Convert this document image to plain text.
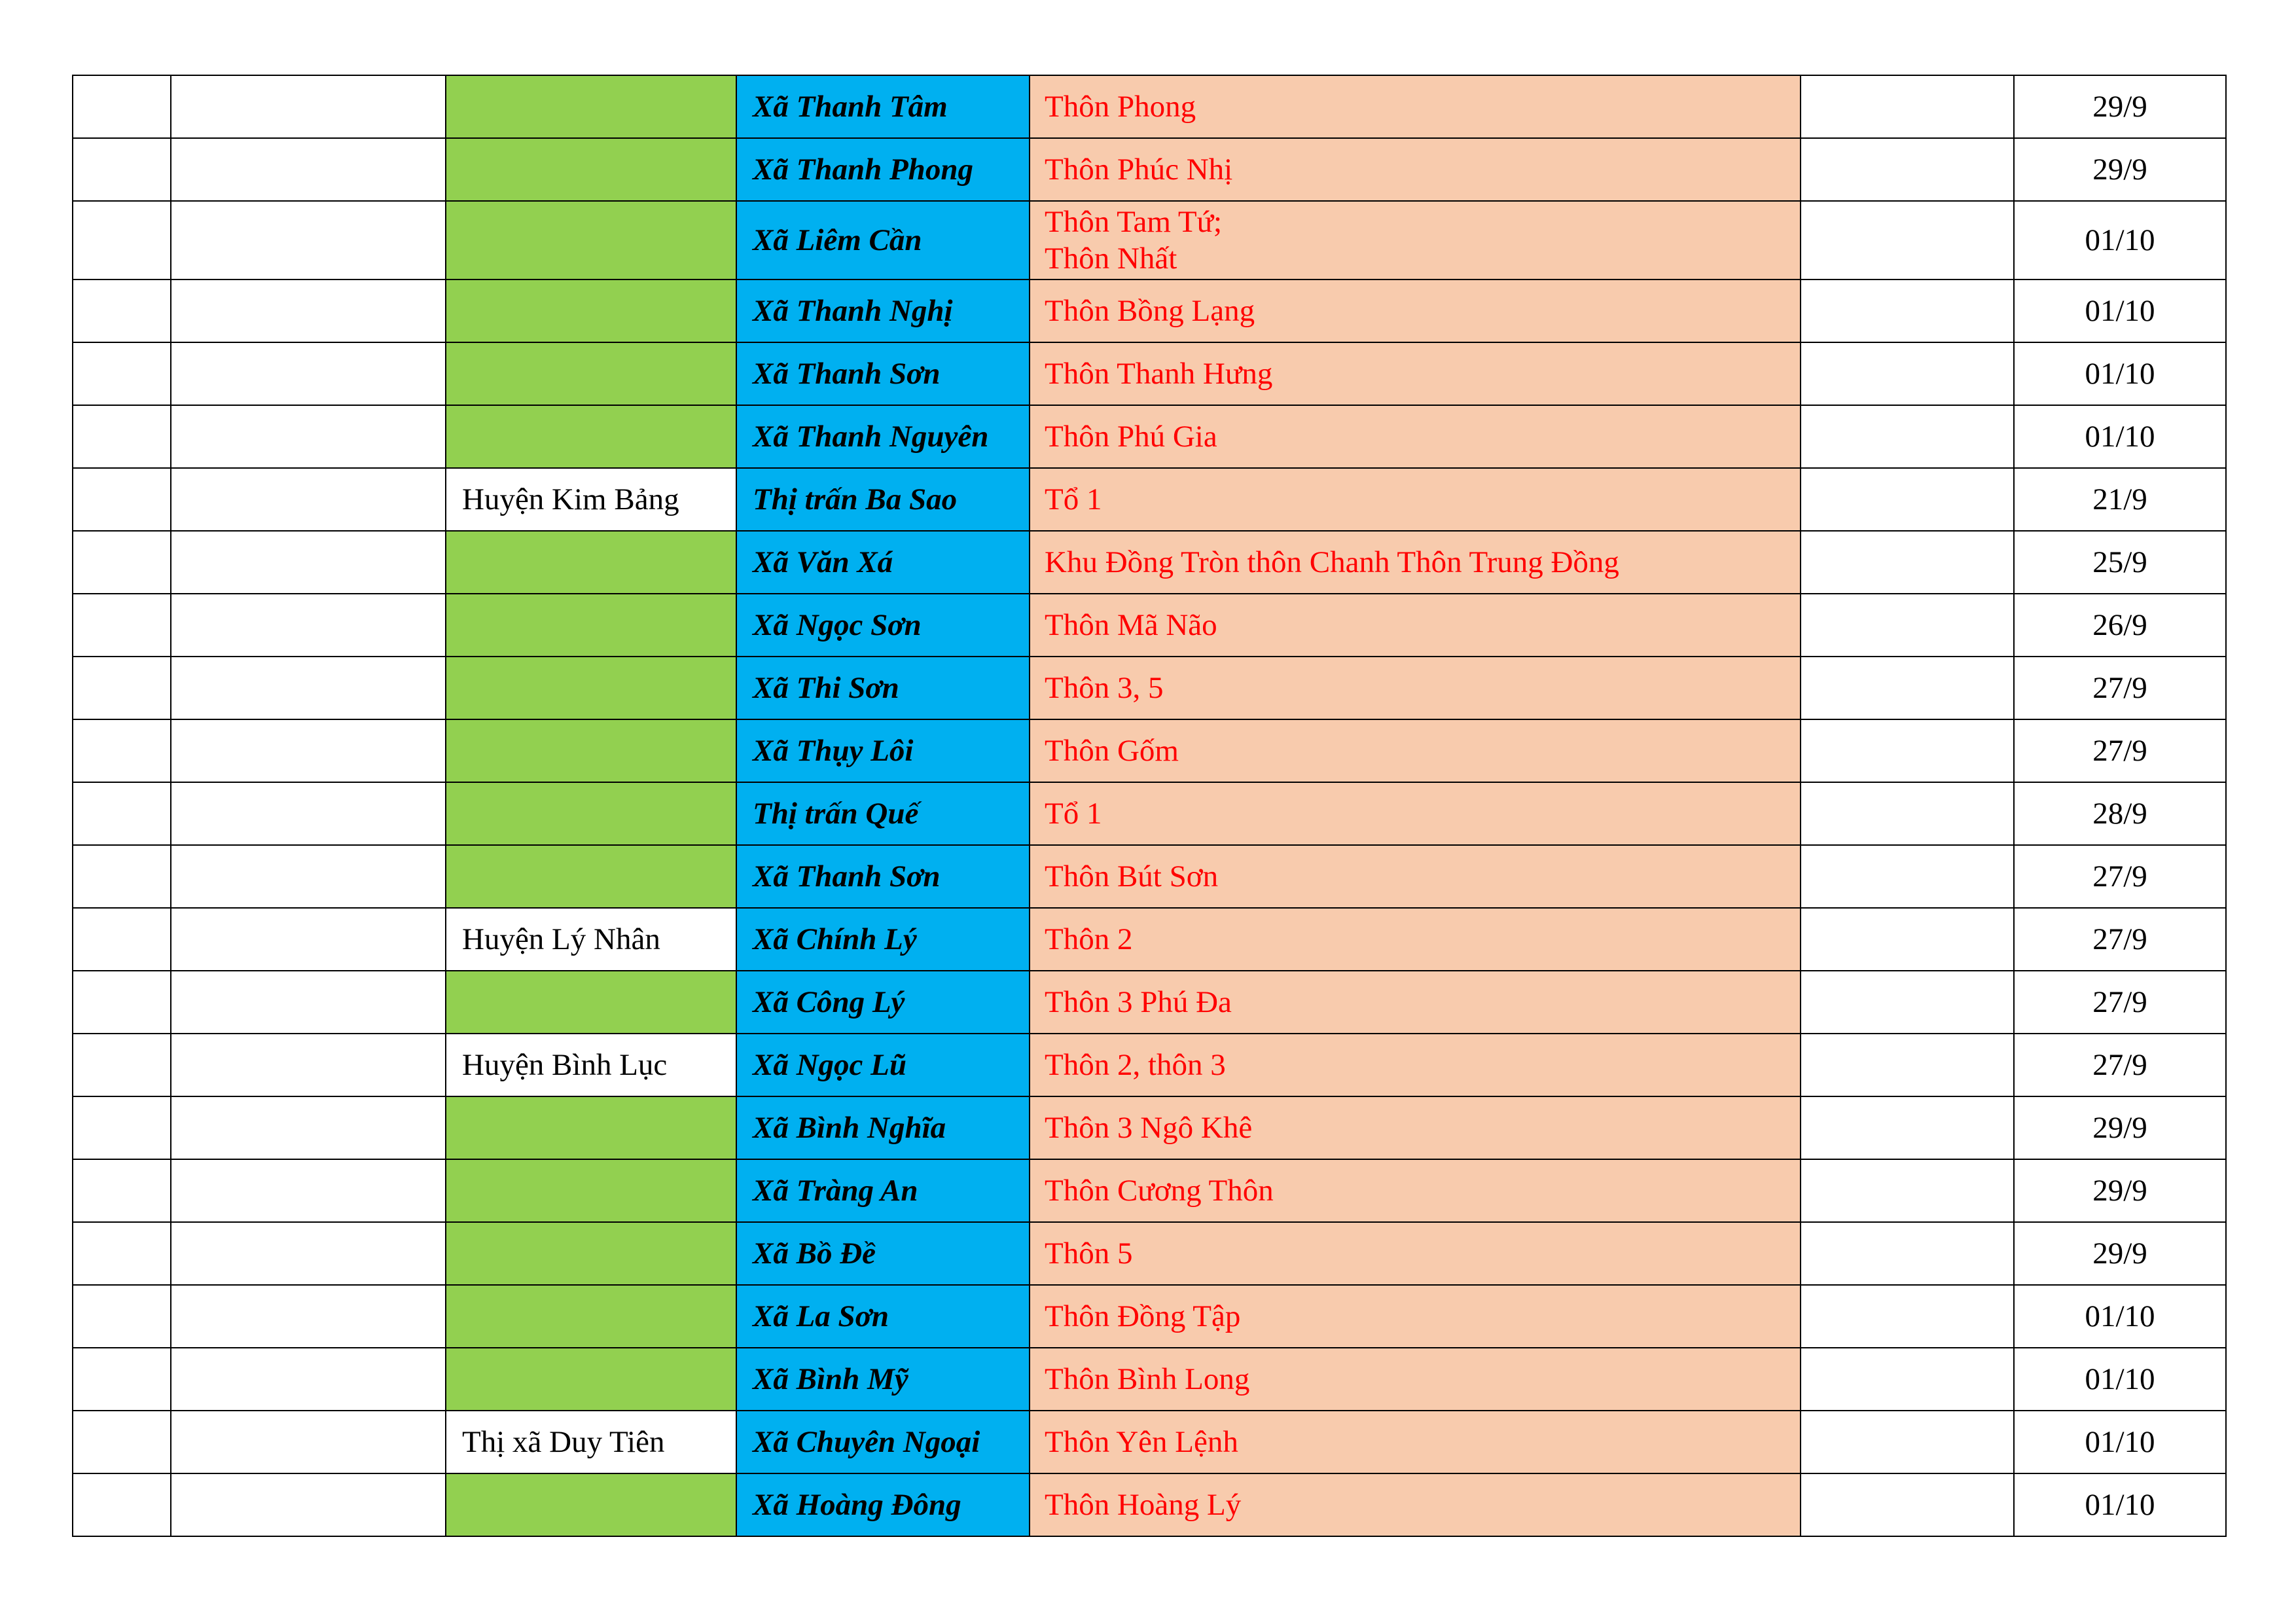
			Xã Thanh Tâm	Thôn Phong		29/9
			Xã Thanh Phong	Thôn Phúc Nhị		29/9
			Xã Liêm Cần	Thôn Tam Tứ;
Thôn Nhất		01/10
			Xã Thanh Nghị	Thôn Bồng Lạng		01/10
			Xã Thanh Sơn	Thôn Thanh Hưng		01/10
			Xã Thanh Nguyên	Thôn Phú Gia		01/10
		Huyện Kim Bảng	Thị trấn Ba Sao	Tổ 1		21/9
			Xã Văn Xá	Khu Đồng Tròn thôn Chanh Thôn Trung Đồng		25/9
			Xã Ngọc Sơn	Thôn Mã Não		26/9
			Xã Thi Sơn	Thôn 3, 5		27/9
			Xã Thụy Lôi	Thôn Gốm		27/9
			Thị trấn Quế	Tổ 1		28/9
			Xã Thanh Sơn	Thôn Bút Sơn		27/9
		Huyện Lý Nhân	Xã Chính Lý	Thôn 2		27/9
			Xã Công Lý	Thôn 3 Phú Đa		27/9
		Huyện Bình Lục	Xã Ngọc Lũ	Thôn 2, thôn 3		27/9
			Xã Bình Nghĩa	Thôn 3 Ngô Khê		29/9
			Xã Tràng An	Thôn Cương Thôn		29/9
			Xã Bồ Đề	Thôn 5		29/9
			Xã La Sơn	Thôn Đồng Tập		01/10
			Xã Bình Mỹ	Thôn Bình Long		01/10
		Thị xã Duy Tiên	Xã Chuyên Ngoại	Thôn Yên Lệnh		01/10
			Xã Hoàng Đông	Thôn Hoàng Lý		01/10
